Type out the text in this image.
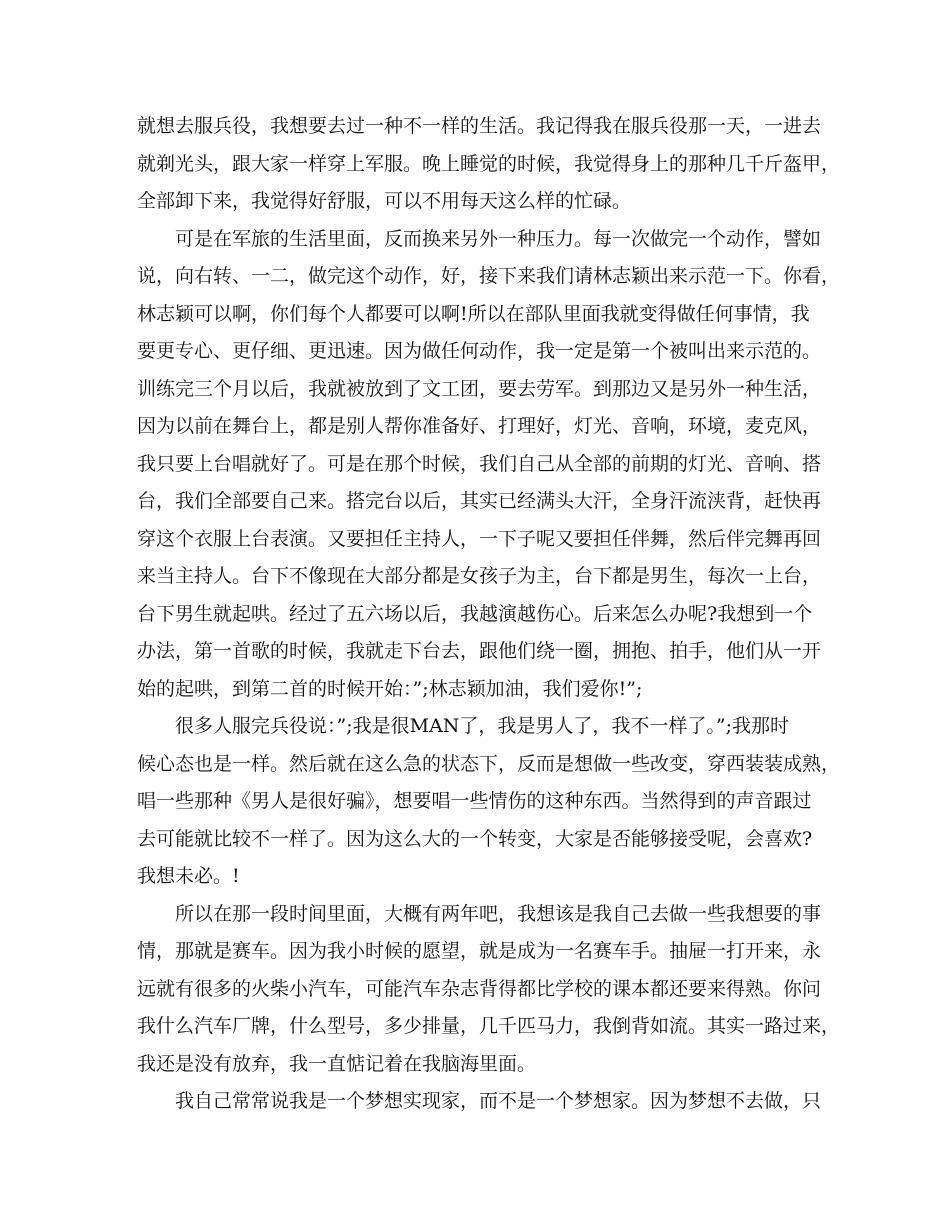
就想去服兵役，我想要去过一种不一样的生活。我记得我在服兵役那一天，一进去
就剃光头，跟大家一样穿上军服。晚上睡觉的时候，我觉得身上的那种几千斤盔甲，
全部卸下来，我觉得好舒服，可以不用每天这么样的忙碌。
可是在军旅的生活里面，反而换来另外一种压力。每一次做完一个动作，譬如
说，向右转、一二，做完这个动作，好，接下来我们请林志颖出来示范一下。你看，
林志颖可以啊，你们每个人都要可以啊!所以在部队里面我就变得做任何事情，我
要更专心、更仔细、更迅速。因为做任何动作，我一定是第一个被叫出来示范的。
训练完三个月以后，我就被放到了文工团，要去劳军。到那边又是另外一种生活，
因为以前在舞台上，都是别人帮你准备好、打理好，灯光、音响，环境，麦克风，
我只要上台唱就好了。可是在那个时候，我们自己从全部的前期的灯光、音响、搭
台，我们全部要自己来。搭完台以后，其实已经满头大汗，全身汗流浃背，赶快再
穿这个衣服上台表演。又要担任主持人，一下子呢又要担任伴舞，然后伴完舞再回
来当主持人。台下不像现在大部分都是女孩子为主，台下都是男生，每次一上台，
台下男生就起哄。经过了五六场以后，我越演越伤心。后来怎么办呢?我想到一个
办法，第一首歌的时候，我就走下台去，跟他们绕一圈，拥抱、拍手，他们从一开
始的起哄，到第二首的时候开始：”;林志颖加油，我们爱你!”;
很多人服完兵役说：”;我是很MAN了，我是男人了，我不一样了。”;我那时
候心态也是一样。然后就在这么急的状态下，反而是想做一些改变，穿西装装成熟，
唱一些那种《男人是很好骗》，想要唱一些情伤的这种东西。当然得到的声音跟过
去可能就比较不一样了。因为这么大的一个转变，大家是否能够接受呢，会喜欢?
我想未必。!
所以在那一段时间里面，大概有两年吧，我想该是我自己去做一些我想要的事
情，那就是赛车。因为我小时候的愿望，就是成为一名赛车手。抽屉一打开来，永
远就有很多的火柴小汽车，可能汽车杂志背得都比学校的课本都还要来得熟。你问
我什么汽车厂牌，什么型号，多少排量，几千匹马力，我倒背如流。其实一路过来，
我还是没有放弃，我一直惦记着在我脑海里面。
我自己常常说我是一个梦想实现家，而不是一个梦想家。因为梦想不去做，只
